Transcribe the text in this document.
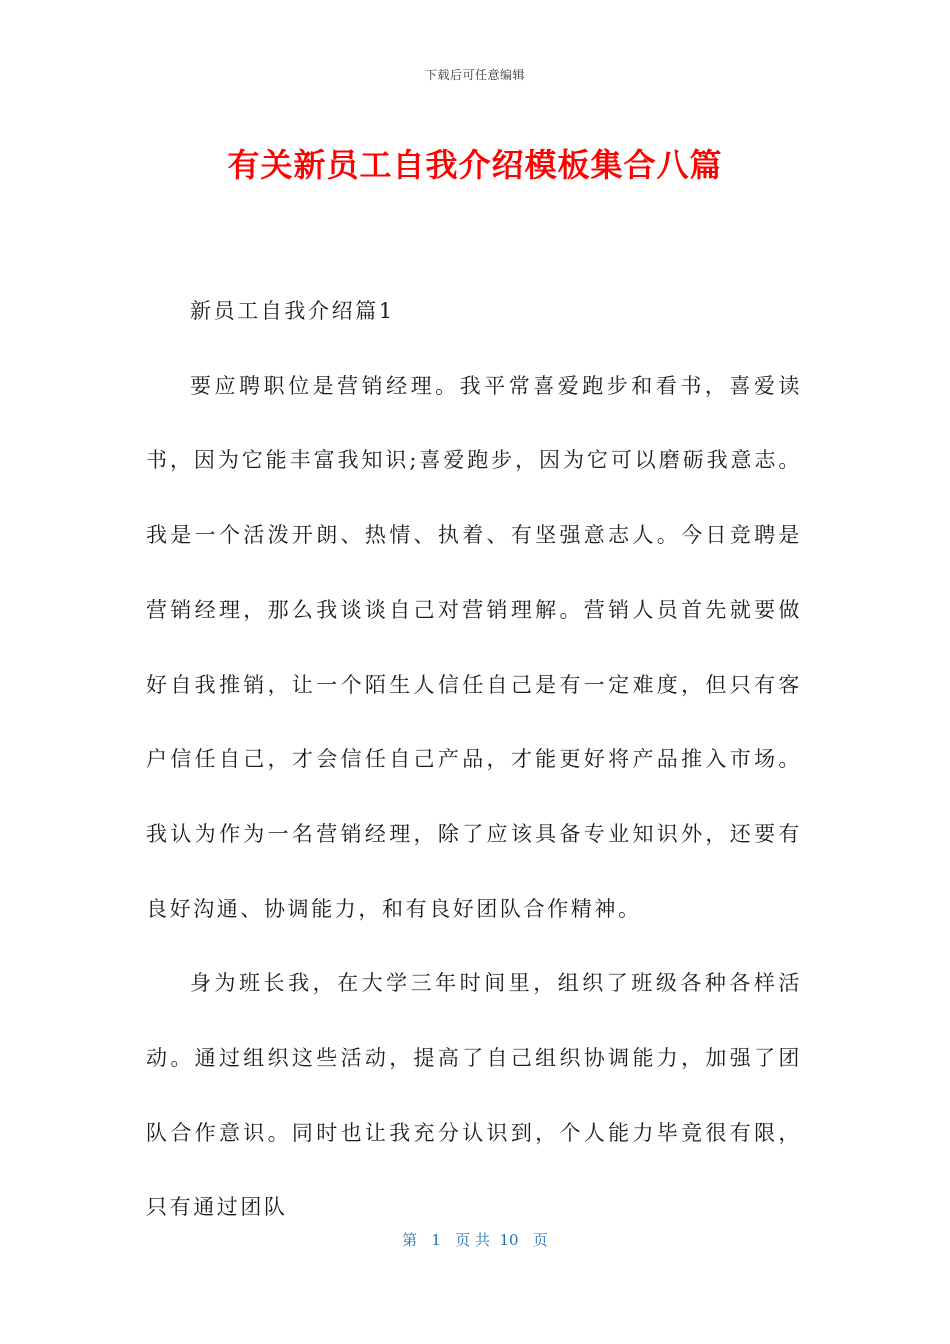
下载后可任意编辑
有关新员工自我介绍模板集合八篇

新员工自我介绍篇1

要应聘职位是营销经理。我平常喜爱跑步和看书，喜爱读书，因为它能丰富我知识;喜爱跑步，因为它可以磨砺我意志。我是一个活泼开朗、热情、执着、有坚强意志人。今日竞聘是营销经理，那么我谈谈自己对营销理解。营销人员首先就要做好自我推销，让一个陌生人信任自己是有一定难度，但只有客户信任自己，才会信任自己产品，才能更好将产品推入市场。我认为作为一名营销经理，除了应该具备专业知识外，还要有良好沟通、协调能力，和有良好团队合作精神。

身为班长我，在大学三年时间里，组织了班级各种各样活动。通过组织这些活动，提高了自己组织协调能力，加强了团队合作意识。同时也让我充分认识到，个人能力毕竟很有限，只有通过团队

第   1   页 共  10   页
